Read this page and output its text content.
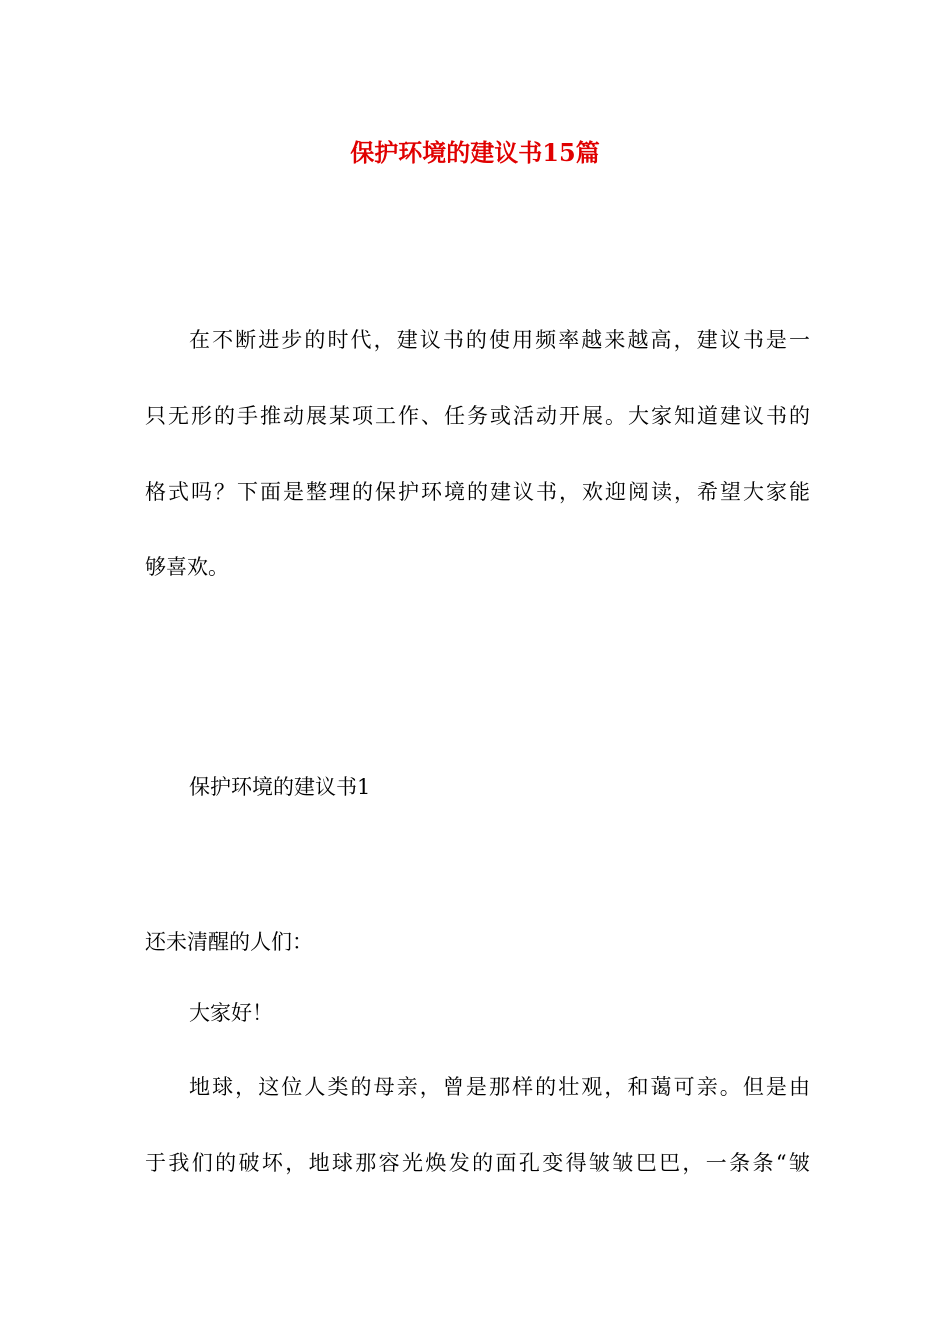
保护环境的建议书15篇
在不断进步的时代，建议书的使用频率越来越高，建议书是一
只无形的手推动展某项工作、任务或活动开展。大家知道建议书的
格式吗？下面是整理的保护环境的建议书，欢迎阅读，希望大家能
够喜欢。
保护环境的建议书1
还未清醒的人们：
大家好！
地球，这位人类的母亲，曾是那样的壮观，和蔼可亲。但是由
于我们的破坏，地球那容光焕发的面孔变得皱皱巴巴，一条条“皱
